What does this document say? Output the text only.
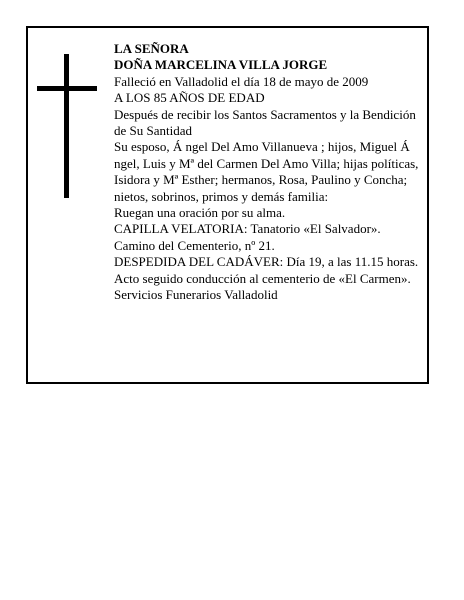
LA SEÑORA

DOÑA MARCELINA VILLA JORGE

Falleció en Valladolid el día 18 de mayo de 2009

A LOS 85 AÑOS DE EDAD

Después de recibir los Santos Sacramentos y la Bendición de Su Santidad

Su esposo, Á ngel Del Amo Villanueva ; hijos, Miguel Á ngel, Luis y Mª del Carmen Del Amo Villa; hijas políticas, Isidora y Mª Esther; hermanos, Rosa, Paulino y Concha; nietos, sobrinos, primos y demás familia:

Ruegan una oración por su alma.

CAPILLA VELATORIA: Tanatorio «El Salvador». Camino del Cementerio, nº 21.

DESPEDIDA DEL CADÁVER: Día 19, a las 11.15 horas. Acto seguido conducción al cementerio de «El Carmen».

Servicios Funerarios Valladolid
